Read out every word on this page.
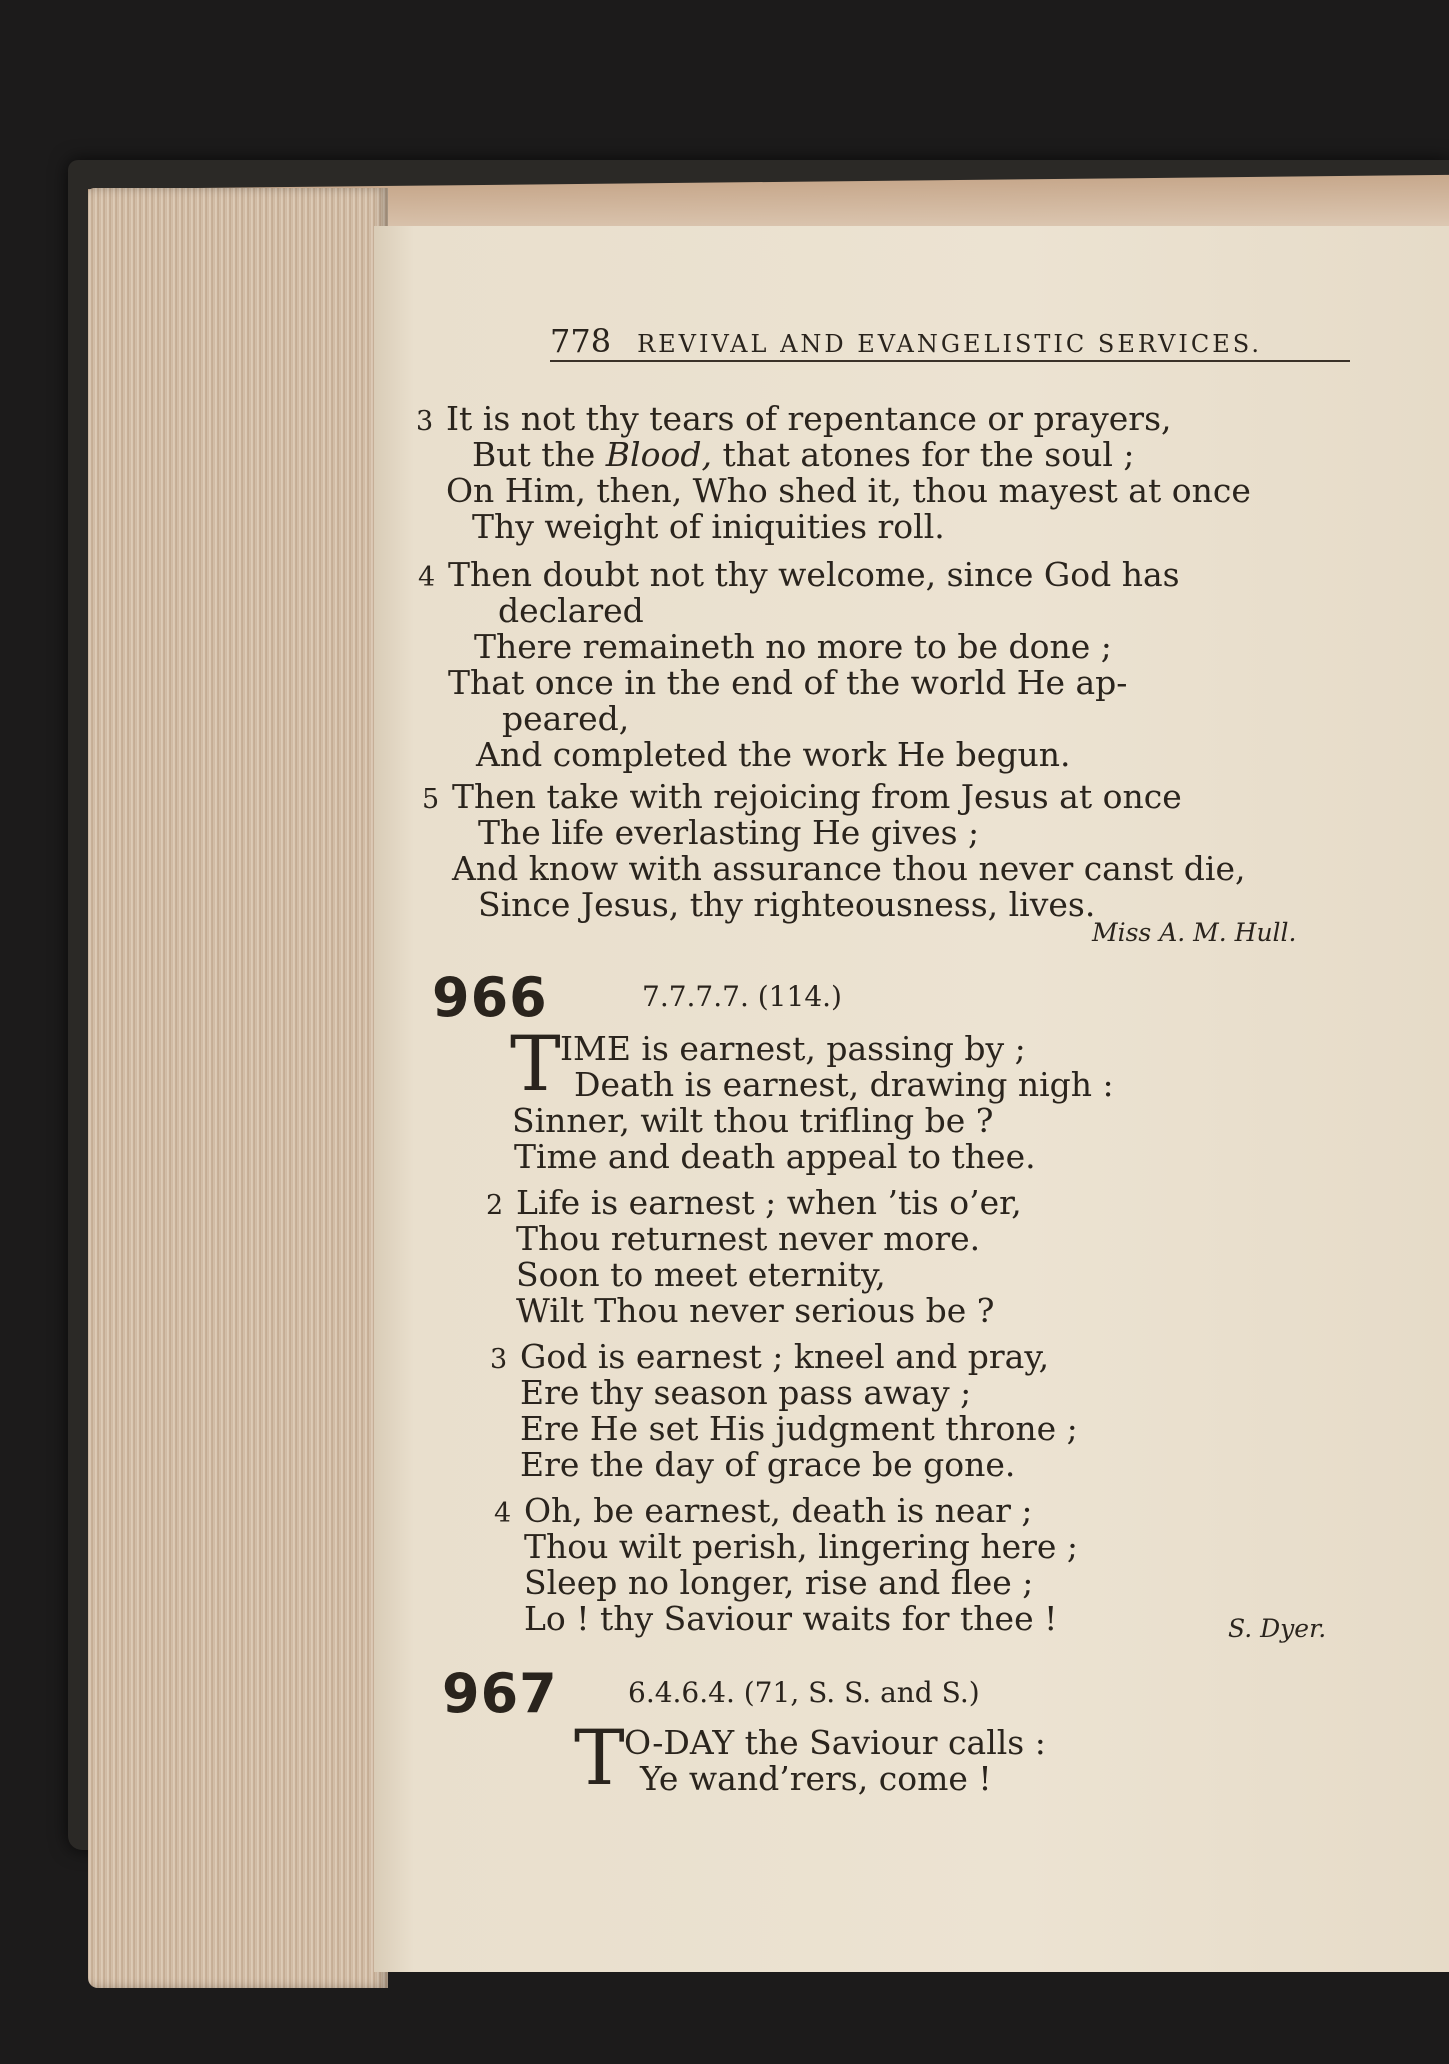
778 REVIVAL AND EVANGELISTIC SERVICES.
3 It is not thy tears of repentance or prayers,
But the Blood, that atones for the soul ;
On Him, then, Who shed it, thou mayest at once
Thy weight of iniquities roll.
4 Then doubt not thy welcome, since God has
declared
There remaineth no more to be done ;
That once in the end of the world He ap-
peared,
And completed the work He begun.
5 Then take with rejoicing from Jesus at once
The life everlasting He gives ;
And know with assurance thou never canst die,
Since Jesus, thy righteousness, lives.
Miss A. M. Hull.
966	7.7.7.7. (114.)
T IME is earnest, passing by ;
Death is earnest, drawing nigh :
Sinner, wilt thou trifling be ?
Time and death appeal to thee.
2 Life is earnest ; when ’tis o’er,
Thou returnest never more.
Soon to meet eternity,
Wilt Thou never serious be ?
3 God is earnest ; kneel and pray,
Ere thy season pass away ;
Ere He set His judgment throne ;
Ere the day of grace be gone.
4 Oh, be earnest, death is near ;
Thou wilt perish, lingering here ;
Sleep no longer, rise and flee ;
Lo ! thy Saviour waits for thee !	S. Dyer.
967	6.4.6.4. (71, S. S. and S.)
T O-DAY the Saviour calls :
Ye wand’rers, come !
